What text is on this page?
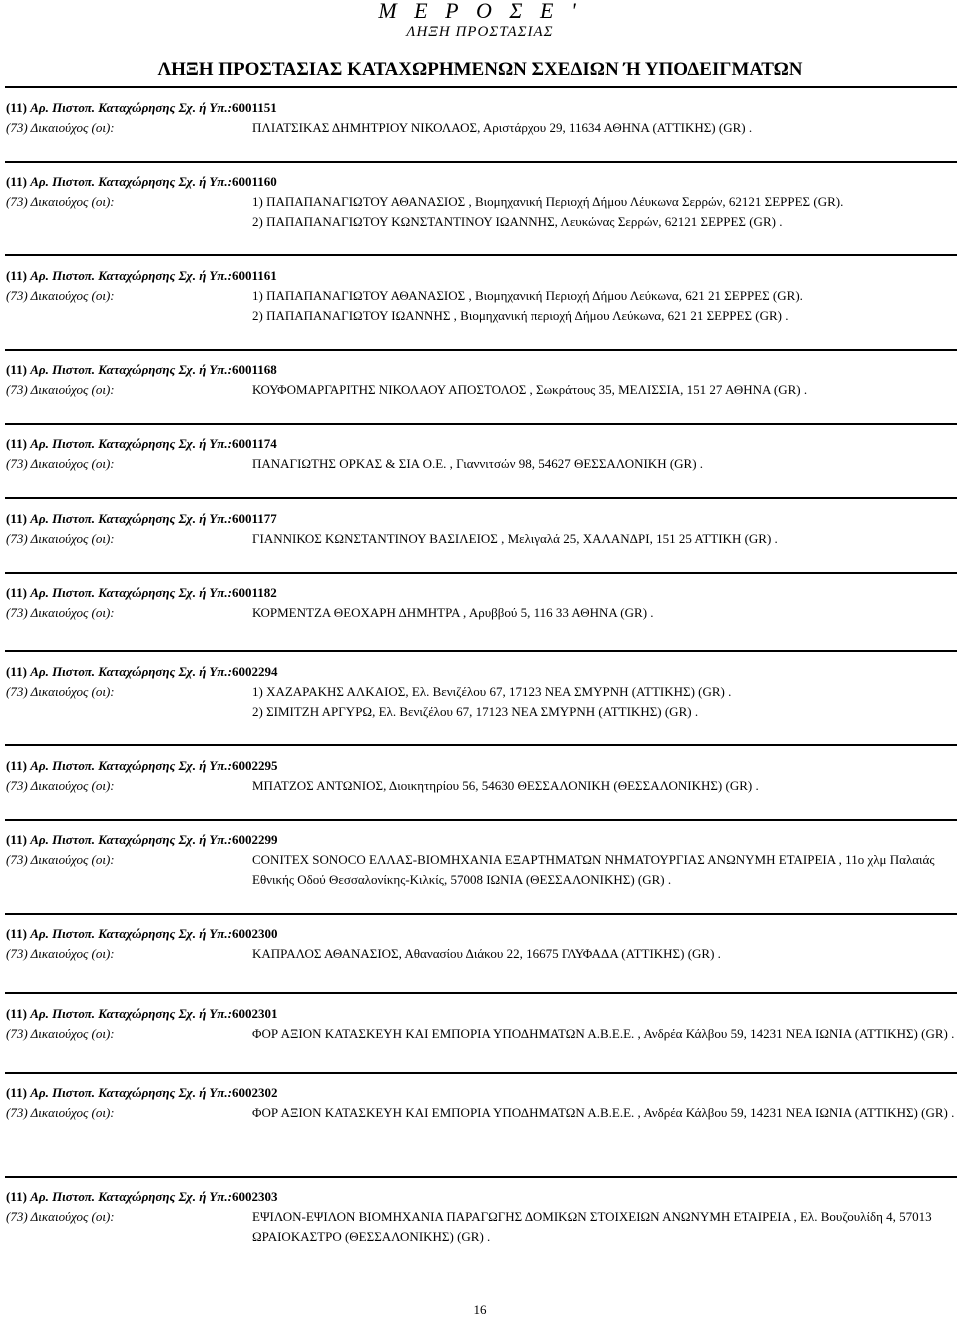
Μ Ε Ρ Ο Σ Ε '
ΛΗΞΗ ΠΡΟΣΤΑΣΙΑΣ
ΛΗΞΗ ΠΡΟΣΤΑΣΙΑΣ ΚΑΤΑΧΩΡΗΜΕΝΩΝ ΣΧΕΔΙΩΝ Ή ΥΠΟΔΕΙΓΜΑΤΩΝ
(11) Αρ. Πιστοπ. Καταχώρησης Σχ. ή Υπ.:6001151
(73) Δικαιούχος (οι):	ΠΛΙΑΤΣΙΚΑΣ ΔΗΜΗΤΡΙΟΥ ΝΙΚΟΛΑΟΣ, Αριστάρχου 29, 11634 ΑΘΗΝΑ (ΑΤΤΙΚΗΣ) (GR) .
(11) Αρ. Πιστοπ. Καταχώρησης Σχ. ή Υπ.:6001160
(73) Δικαιούχος (οι):	1) ΠΑΠΑΠΑΝΑΓΙΩΤΟΥ ΑΘΑΝΑΣΙΟΣ , Βιομηχανική Περιοχή Δήμου Λέυκωνα Σερρών, 62121 ΣΕΡΡΕΣ (GR).
2) ΠΑΠΑΠΑΝΑΓΙΩΤΟΥ ΚΩΝΣΤΑΝΤΙΝΟΥ ΙΩΑΝΝΗΣ, Λευκώνας Σερρών, 62121 ΣΕΡΡΕΣ (GR) .
(11) Αρ. Πιστοπ. Καταχώρησης Σχ. ή Υπ.:6001161
(73) Δικαιούχος (οι):	1) ΠΑΠΑΠΑΝΑΓΙΩΤΟΥ ΑΘΑΝΑΣΙΟΣ , Βιομηχανική Περιοχή Δήμου Λεύκωνα, 621 21 ΣΕΡΡΕΣ (GR).
2) ΠΑΠΑΠΑΝΑΓΙΩΤΟΥ ΙΩΑΝΝΗΣ , Βιομηχανική περιοχή Δήμου Λεύκωνα, 621 21 ΣΕΡΡΕΣ (GR) .
(11) Αρ. Πιστοπ. Καταχώρησης Σχ. ή Υπ.:6001168
(73) Δικαιούχος (οι):	ΚΟΥΦΟΜΑΡΓΑΡΙΤΗΣ ΝΙΚΟΛΑΟΥ ΑΠΟΣΤΟΛΟΣ , Σωκράτους 35, ΜΕΛΙΣΣΙΑ, 151 27 ΑΘΗΝΑ (GR) .
(11) Αρ. Πιστοπ. Καταχώρησης Σχ. ή Υπ.:6001174
(73) Δικαιούχος (οι):	ΠΑΝΑΓΙΩΤΗΣ ΟΡΚΑΣ & ΣΙΑ Ο.Ε. , Γιαννιτσών 98, 54627 ΘΕΣΣΑΛΟΝΙΚΗ (GR) .
(11) Αρ. Πιστοπ. Καταχώρησης Σχ. ή Υπ.:6001177
(73) Δικαιούχος (οι):	ΓΙΑΝΝΙΚΟΣ ΚΩΝΣΤΑΝΤΙΝΟΥ ΒΑΣΙΛΕΙΟΣ , Μελιγαλά 25, ΧΑΛΑΝΔΡΙ, 151 25 ΑΤΤΙΚΗ (GR) .
(11) Αρ. Πιστοπ. Καταχώρησης Σχ. ή Υπ.:6001182
(73) Δικαιούχος (οι):	ΚΟΡΜΕΝΤΖΑ ΘΕΟΧΑΡΗ ΔΗΜΗΤΡΑ , Αρυββού 5, 116 33 ΑΘΗΝΑ (GR) .
(11) Αρ. Πιστοπ. Καταχώρησης Σχ. ή Υπ.:6002294
(73) Δικαιούχος (οι):	1) ΧΑΖΑΡΑΚΗΣ ΑΛΚΑΙΟΣ, Ελ. Βενιζέλου 67, 17123 ΝΕΑ ΣΜΥΡΝΗ (ΑΤΤΙΚΗΣ) (GR) .
2) ΣΙΜΙΤΖΗ ΑΡΓΥΡΩ, Ελ. Βενιζέλου 67, 17123 ΝΕΑ ΣΜΥΡΝΗ (ΑΤΤΙΚΗΣ) (GR) .
(11) Αρ. Πιστοπ. Καταχώρησης Σχ. ή Υπ.:6002295
(73) Δικαιούχος (οι):	ΜΠΑΤΖΟΣ ΑΝΤΩΝΙΟΣ, Διοικητηρίου 56, 54630 ΘΕΣΣΑΛΟΝΙΚΗ (ΘΕΣΣΑΛΟΝΙΚΗΣ) (GR) .
(11) Αρ. Πιστοπ. Καταχώρησης Σχ. ή Υπ.:6002299
(73) Δικαιούχος (οι):	CONITEX SONOCO ΕΛΛΑΣ-ΒΙΟΜΗΧΑΝΙΑ ΕΞΑΡΤΗΜΑΤΩΝ ΝΗΜΑΤΟΥΡΓΙΑΣ ΑΝΩΝΥΜΗ ΕΤΑΙΡΕΙΑ , 11ο χλμ Παλαιάς Εθνικής Οδού Θεσσαλονίκης-Κιλκίς, 57008 ΙΩΝΙΑ (ΘΕΣΣΑΛΟΝΙΚΗΣ) (GR) .
(11) Αρ. Πιστοπ. Καταχώρησης Σχ. ή Υπ.:6002300
(73) Δικαιούχος (οι):	ΚΑΠΡΑΛΟΣ ΑΘΑΝΑΣΙΟΣ, Αθανασίου Διάκου 22, 16675 ΓΛΥΦΑΔΑ (ΑΤΤΙΚΗΣ) (GR) .
(11) Αρ. Πιστοπ. Καταχώρησης Σχ. ή Υπ.:6002301
(73) Δικαιούχος (οι):	ΦΟΡ ΑΞΙΟΝ ΚΑΤΑΣΚΕΥΗ ΚΑΙ ΕΜΠΟΡΙΑ ΥΠΟΔΗΜΑΤΩΝ Α.Β.Ε.Ε. , Ανδρέα Κάλβου 59, 14231 ΝΕΑ ΙΩΝΙΑ (ΑΤΤΙΚΗΣ) (GR) .
(11) Αρ. Πιστοπ. Καταχώρησης Σχ. ή Υπ.:6002302
(73) Δικαιούχος (οι):	ΦΟΡ ΑΞΙΟΝ ΚΑΤΑΣΚΕΥΗ ΚΑΙ ΕΜΠΟΡΙΑ ΥΠΟΔΗΜΑΤΩΝ Α.Β.Ε.Ε. , Ανδρέα Κάλβου 59, 14231 ΝΕΑ ΙΩΝΙΑ (ΑΤΤΙΚΗΣ) (GR) .
(11) Αρ. Πιστοπ. Καταχώρησης Σχ. ή Υπ.:6002303
(73) Δικαιούχος (οι):	ΕΨΙΛΟΝ-ΕΨΙΛΟΝ ΒΙΟΜΗΧΑΝΙΑ ΠΑΡΑΓΩΓΗΣ ΔΟΜΙΚΩΝ ΣΤΟΙΧΕΙΩΝ ΑΝΩΝΥΜΗ ΕΤΑΙΡΕΙΑ , Ελ. Βουζουλίδη 4, 57013 ΩΡΑΙΟΚΑΣΤΡΟ (ΘΕΣΣΑΛΟΝΙΚΗΣ) (GR) .
16
